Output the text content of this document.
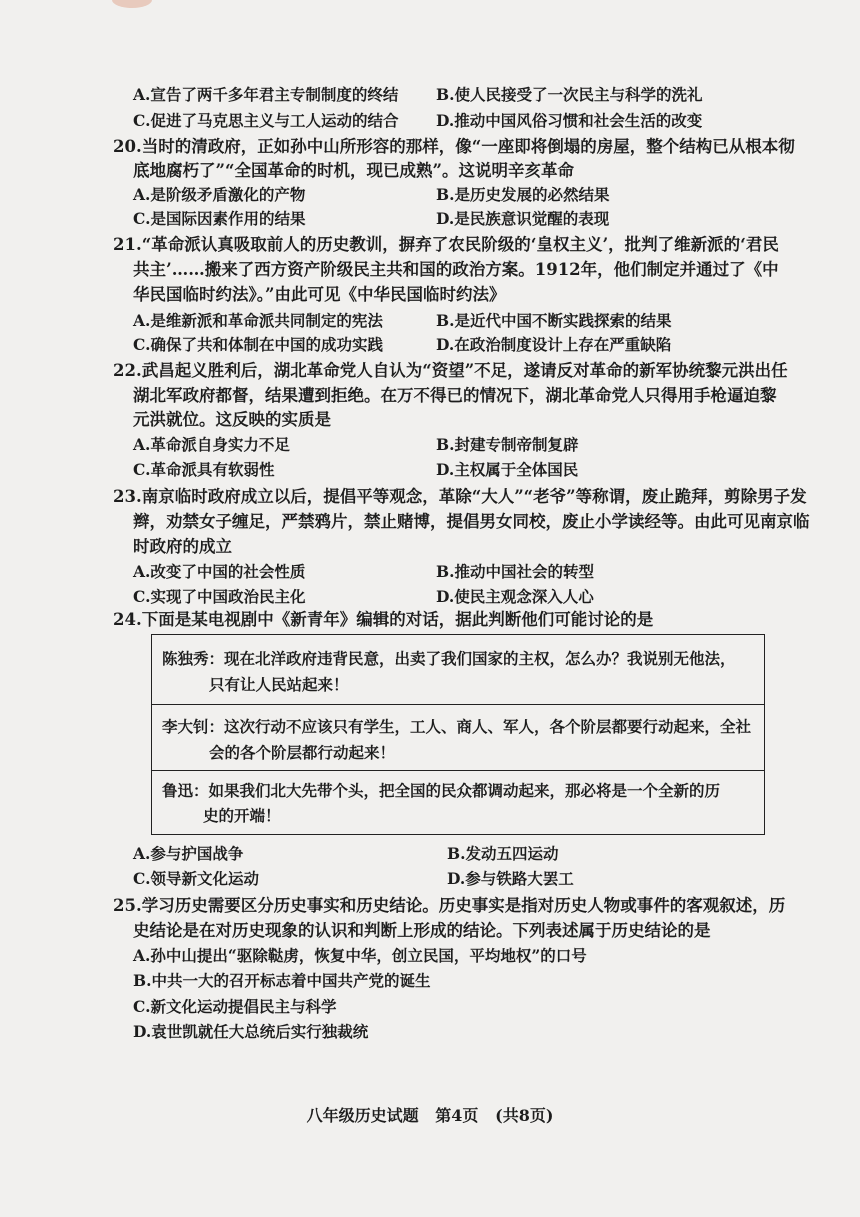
A.宣告了两千多年君主专制制度的终结 B.使人民接受了一次民主与科学的洗礼
C.促进了马克思主义与工人运动的结合 D.推动中国风俗习惯和社会生活的改变
20.当时的清政府，正如孙中山所形容的那样，像“一座即将倒塌的房屋，整个结构已从根本彻
底地腐朽了”“全国革命的时机，现已成熟”。这说明辛亥革命
A.是阶级矛盾激化的产物	B.是历史发展的必然结果
C.是国际因素作用的结果	D.是民族意识觉醒的表现
21.“革命派认真吸取前人的历史教训，摒弃了农民阶级的‘皇权主义’，批判了维新派的‘君民
共主’……搬来了西方资产阶级民主共和国的政治方案。1912年，他们制定并通过了《中
华民国临时约法》。”由此可见《中华民国临时约法》
A.是维新派和革命派共同制定的宪法	B.是近代中国不断实践探索的结果
C.确保了共和体制在中国的成功实践	D.在政治制度设计上存在严重缺陷
22.武昌起义胜利后，湖北革命党人自认为“资望”不足，遂请反对革命的新军协统黎元洪出任
湖北军政府都督，结果遭到拒绝。在万不得已的情况下，湖北革命党人只得用手枪逼迫黎
元洪就位。这反映的实质是
A.革命派自身实力不足	B.封建专制帝制复辟
C.革命派具有软弱性	D.主权属于全体国民
23.南京临时政府成立以后，提倡平等观念，革除“大人”“老爷”等称谓，废止跪拜，剪除男子发
辫，劝禁女子缠足，严禁鸦片，禁止赌博，提倡男女同校，废止小学读经等。由此可见南京临
时政府的成立
A.改变了中国的社会性质	B.推动中国社会的转型
C.实现了中国政治民主化	D.使民主观念深入人心
24.下面是某电视剧中《新青年》编辑的对话，据此判断他们可能讨论的是
陈独秀：现在北洋政府违背民意，出卖了我们国家的主权，怎么办？我说别无他法，
只有让人民站起来！
李大钊：这次行动不应该只有学生，工人、商人、军人，各个阶层都要行动起来，全社
会的各个阶层都行动起来！
鲁迅：如果我们北大先带个头，把全国的民众都调动起来，那必将是一个全新的历
史的开端！
A.参与护国战争	B.发动五四运动
C.领导新文化运动	D.参与铁路大罢工
25.学习历史需要区分历史事实和历史结论。历史事实是指对历史人物或事件的客观叙述，历
史结论是在对历史现象的认识和判断上形成的结论。下列表述属于历史结论的是
A.孙中山提出“驱除鞑虏，恢复中华，创立民国，平均地权”的口号
B.中共一大的召开标志着中国共产党的诞生
C.新文化运动提倡民主与科学
D.袁世凯就任大总统后实行独裁统
八年级历史试题   第4页   (共8页)
